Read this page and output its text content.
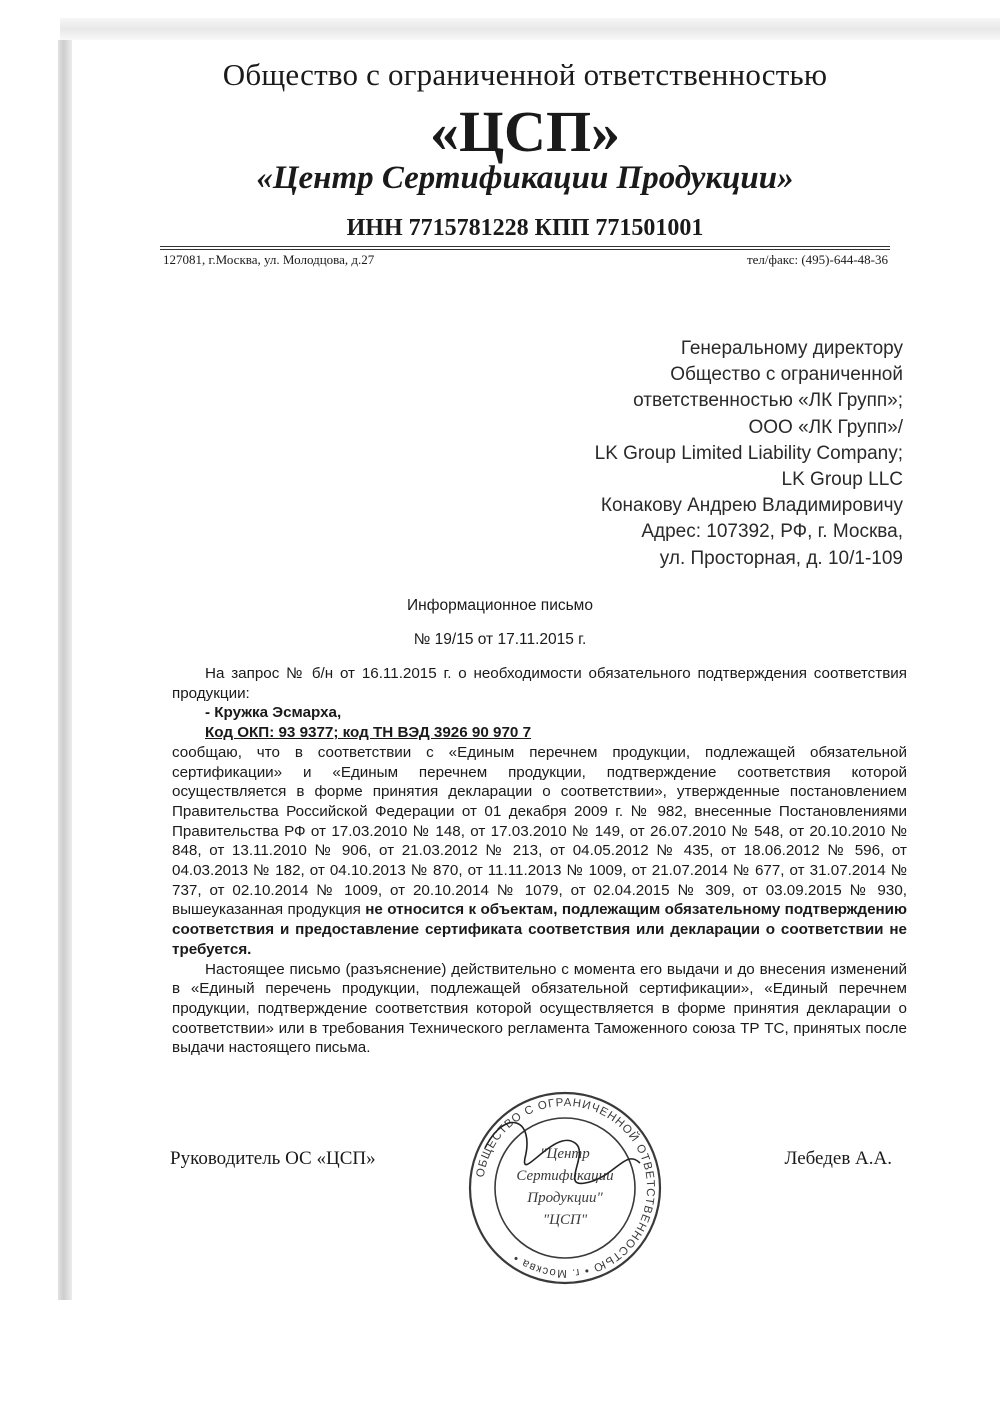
Общество с ограниченной ответственностью
«ЦСП»
«Центр Сертификации Продукции»
ИНН 7715781228 КПП 771501001
127081, г.Москва, ул. Молодцова, д.27	тел/факс: (495)-644-48-36
Генеральному директору
Общество с ограниченной
ответственностью «ЛК Групп»;
ООО «ЛК Групп»/
LK Group Limited Liability Company;
LK Group LLC
Конакову Андрею Владимировичу
Адрес: 107392, РФ, г. Москва,
ул. Просторная, д. 10/1-109
Информационное письмо
№ 19/15 от 17.11.2015 г.

На запрос № б/н от 16.11.2015 г. о необходимости обязательного подтверждения соответствия продукции:

- Кружка Эсмарха,

Код ОКП: 93 9377; код ТН ВЭД 3926 90 970 7

сообщаю, что в соответствии с «Единым перечнем продукции, подлежащей обязательной сертификации» и «Единым перечнем продукции, подтверждение соответствия которой осуществляется в форме принятия декларации о соответствии», утвержденные постановлением Правительства Российской Федерации от 01 декабря 2009 г. № 982, внесенные Постановлениями Правительства РФ от 17.03.2010 № 148, от 17.03.2010 № 149, от 26.07.2010 № 548, от 20.10.2010 № 848, от 13.11.2010 № 906, от 21.03.2012 № 213, от 04.05.2012 № 435, от 18.06.2012 № 596, от 04.03.2013 № 182, от 04.10.2013 № 870, от 11.11.2013 № 1009, от 21.07.2014 № 677, от 31.07.2014 № 737, от 02.10.2014 № 1009, от 20.10.2014 № 1079, от 02.04.2015 № 309, от 03.09.2015 № 930, вышеуказанная продукция не относится к объектам, подлежащим обязательному подтверждению соответствия и предоставление сертификата соответствия или декларации о соответствии не требуется.

Настоящее письмо (разъяснение) действительно с момента его выдачи и до внесения изменений в «Единый перечень продукции, подлежащей обязательной сертификации», «Единый перечнем продукции, подтверждение соответствия которой осуществляется в форме принятия декларации о соответствии» или в требования Технического регламента Таможенного союза ТР ТС, принятых после выдачи настоящего письма.

Руководитель ОС «ЦСП»	Лебедев А.А.
ОБЩЕСТВО С ОГРАНИЧЕННОЙ ОТВЕТСТВЕННОСТЬЮ • г. Москва •
"Центр
Сертификации
Продукции"
"ЦСП"
